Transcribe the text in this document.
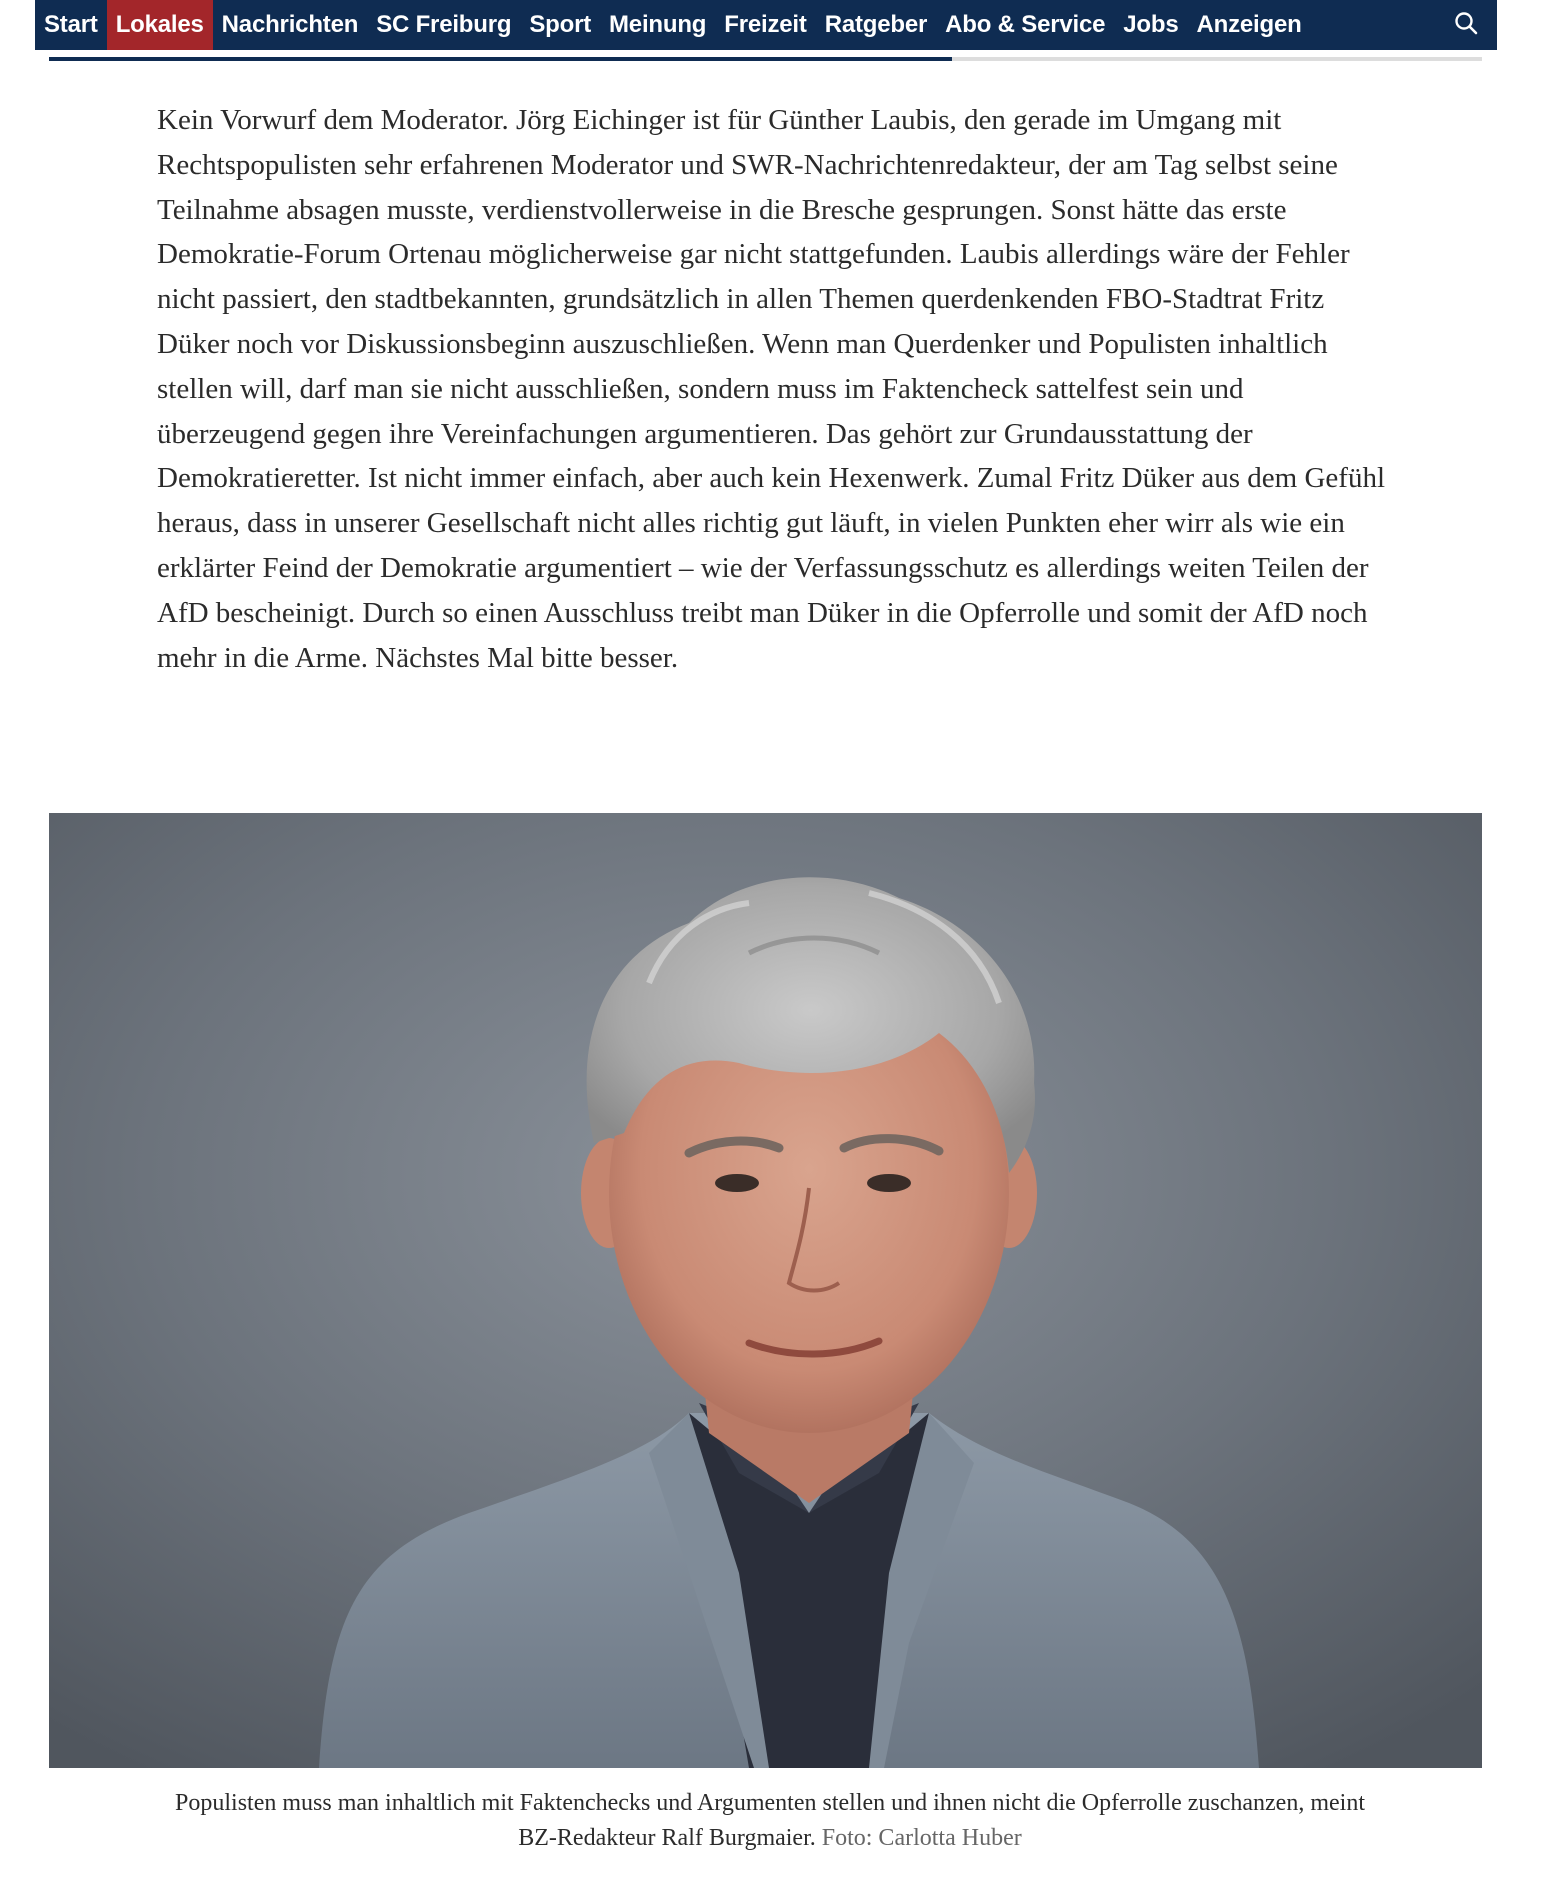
Start Lokales Nachrichten SC Freiburg Sport Meinung Freizeit Ratgeber Abo & Service Jobs Anzeigen

Kein Vorwurf dem Moderator. Jörg Eichinger ist für Günther Laubis, den gerade im Umgang mit Rechtspopulisten sehr erfahrenen Moderator und SWR-Nachrichtenredakteur, der am Tag selbst seine Teilnahme absagen musste, verdienstvollerweise in die Bresche gesprungen. Sonst hätte das erste Demokratie-Forum Ortenau möglicherweise gar nicht stattgefunden. Laubis allerdings wäre der Fehler nicht passiert, den stadtbekannten, grundsätzlich in allen Themen querdenkenden FBO-Stadtrat Fritz Düker noch vor Diskussionsbeginn auszuschließen. Wenn man Querdenker und Populisten inhaltlich stellen will, darf man sie nicht ausschließen, sondern muss im Faktencheck sattelfest sein und überzeugend gegen ihre Vereinfachungen argumentieren. Das gehört zur Grundausstattung der Demokratieretter. Ist nicht immer einfach, aber auch kein Hexenwerk. Zumal Fritz Düker aus dem Gefühl heraus, dass in unserer Gesellschaft nicht alles richtig gut läuft, in vielen Punkten eher wirr als wie ein erklärter Feind der Demokratie argumentiert – wie der Verfassungsschutz es allerdings weiten Teilen der AfD bescheinigt. Durch so einen Ausschluss treibt man Düker in die Opferrolle und somit der AfD noch mehr in die Arme. Nächstes Mal bitte besser.

Populisten muss man inhaltlich mit Faktenchecks und Argumenten stellen und ihnen nicht die Opferrolle zuschanzen, meint BZ-Redakteur Ralf Burgmaier. Foto: Carlotta Huber
